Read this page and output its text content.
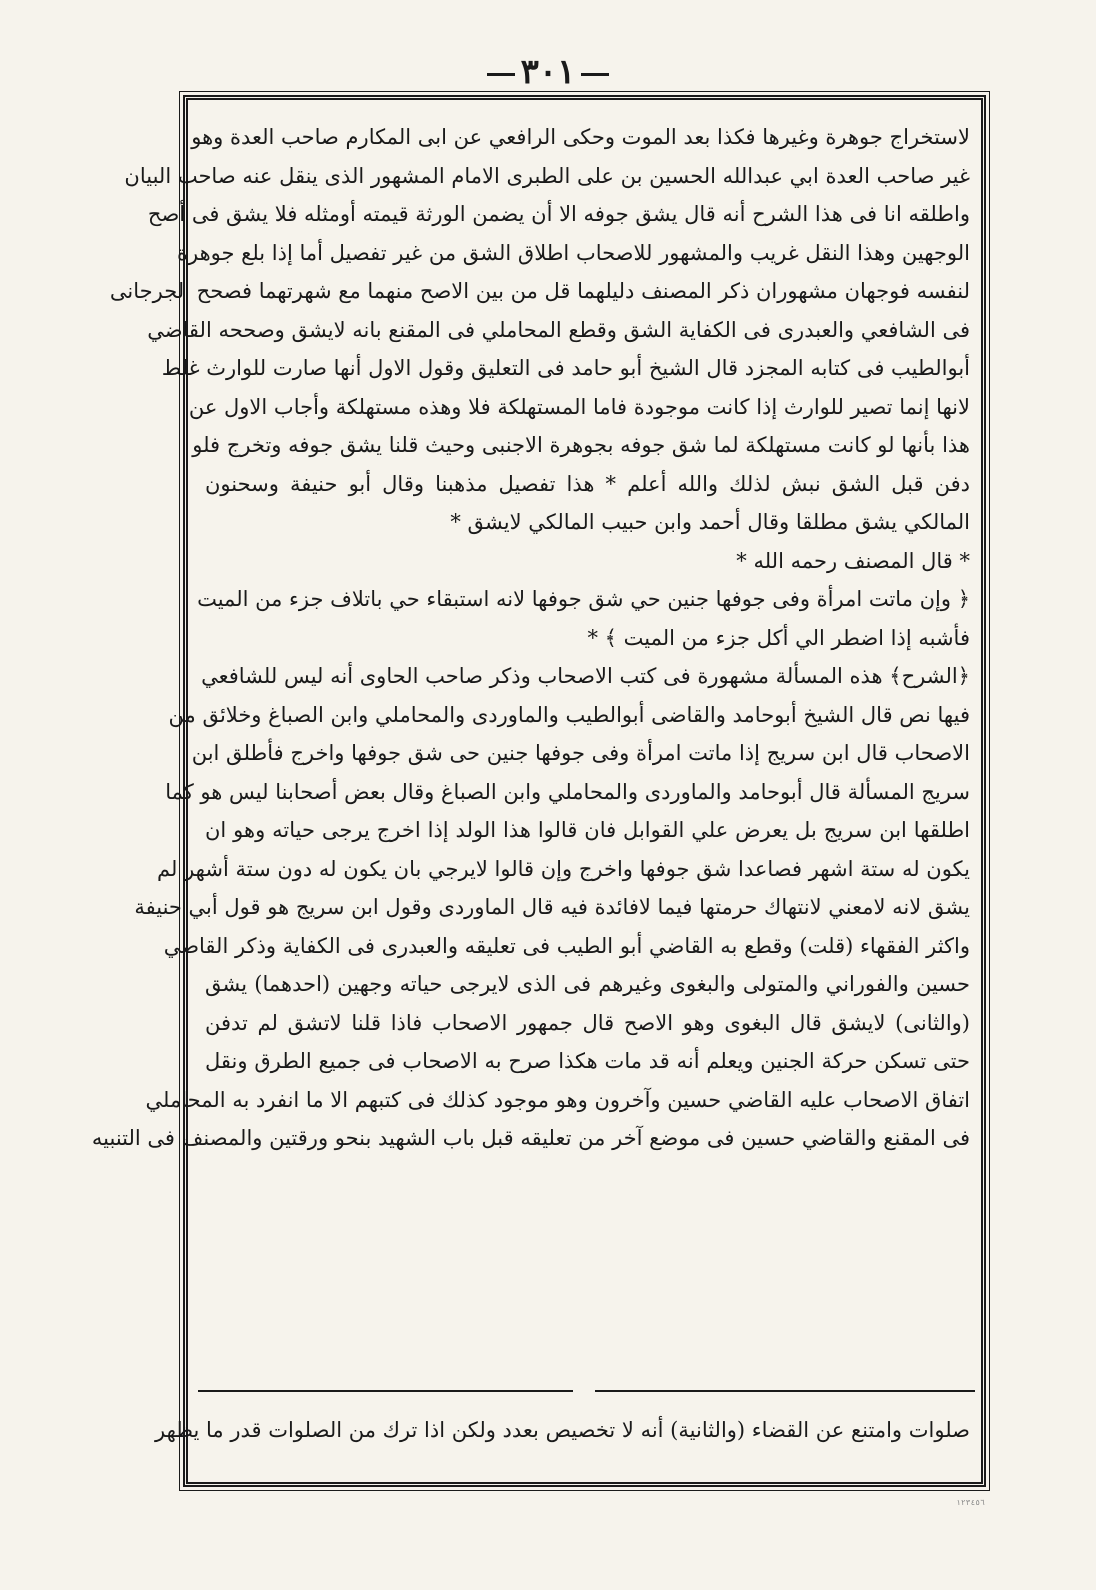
٣٠١
لاستخراج جوهرة وغيرها فكذا بعد الموت وحكى الرافعي عن ابى المكارم صاحب العدة وهو
غير صاحب العدة ابي عبدالله الحسين بن على الطبرى الامام المشهور الذى ينقل عنه صاحب البيان
واطلقه انا فى هذا الشرح أنه قال يشق جوفه الا أن يضمن الورثة قيمته أومثله فلا يشق فى أصح
الوجهين وهذا النقل غريب والمشهور للاصحاب اطلاق الشق من غير تفصيل أما إذا بلع جوهرة
لنفسه فوجهان مشهوران ذكر المصنف دليلهما قل من بين الاصح منهما مع شهرتهما فصحح الجرجانى
فى الشافعي والعبدرى فى الكفاية الشق وقطع المحاملي فى المقنع بانه لايشق وصححه القاضي
أبوالطيب فى كتابه المجزد قال الشيخ أبو حامد فى التعليق وقول الاول أنها صارت للوارث غلط
لانها إنما تصير للوارث إذا كانت موجودة فاما المستهلكة فلا وهذه مستهلكة وأجاب الاول عن
هذا بأنها لو كانت مستهلكة لما شق جوفه بجوهرة الاجنبى وحيث قلنا يشق جوفه وتخرج فلو
دفن قبل الشق نبش لذلك والله أعلم * هذا تفصيل مذهبنا وقال أبو حنيفة وسحنون
المالكي يشق مطلقا وقال أحمد وابن حبيب المالكي لايشق *
* قال المصنف رحمه الله *
﴿ وإن ماتت امرأة وفى جوفها جنين حي شق جوفها لانه استبقاء حي باتلاف جزء من الميت
فأشبه إذا اضطر الي أكل جزء من الميت ﴾ *
﴿الشرح﴾ هذه المسألة مشهورة فى كتب الاصحاب وذكر صاحب الحاوى أنه ليس للشافعي
فيها نص قال الشيخ أبوحامد والقاضى أبوالطيب والماوردى والمحاملي وابن الصباغ وخلائق من
الاصحاب قال ابن سريج إذا ماتت امرأة وفى جوفها جنين حى شق جوفها واخرج فأطلق ابن
سريج المسألة قال أبوحامد والماوردى والمحاملي وابن الصباغ وقال بعض أصحابنا ليس هو كما
اطلقها ابن سريج بل يعرض علي القوابل فان قالوا هذا الولد إذا اخرج يرجى حياته وهو ان
يكون له ستة اشهر فصاعدا شق جوفها واخرج وإن قالوا لايرجي بان يكون له دون ستة أشهر لم
يشق لانه لامعني لانتهاك حرمتها فيما لافائدة فيه قال الماوردى وقول ابن سريج هو قول أبي حنيفة
واكثر الفقهاء (قلت) وقطع به القاضي أبو الطيب فى تعليقه والعبدرى فى الكفاية وذكر القاضي
حسين والفوراني والمتولى والبغوى وغيرهم فى الذى لايرجى حياته وجهين (احدهما) يشق
(والثانى) لايشق قال البغوى وهو الاصح قال جمهور الاصحاب فاذا قلنا لاتشق لم تدفن
حتى تسكن حركة الجنين ويعلم أنه قد مات هكذا صرح به الاصحاب فى جميع الطرق ونقل
اتفاق الاصحاب عليه القاضي حسين وآخرون وهو موجود كذلك فى كتبهم الا ما انفرد به المحاملي
فى المقنع والقاضي حسين فى موضع آخر من تعليقه قبل باب الشهيد بنحو ورقتين والمصنف فى التنبيه
صلوات وامتنع عن القضاء (والثانية) أنه لا تخصيص بعدد ولكن اذا ترك من الصلوات قدر ما يظهر
١٢٣٤٥٦
